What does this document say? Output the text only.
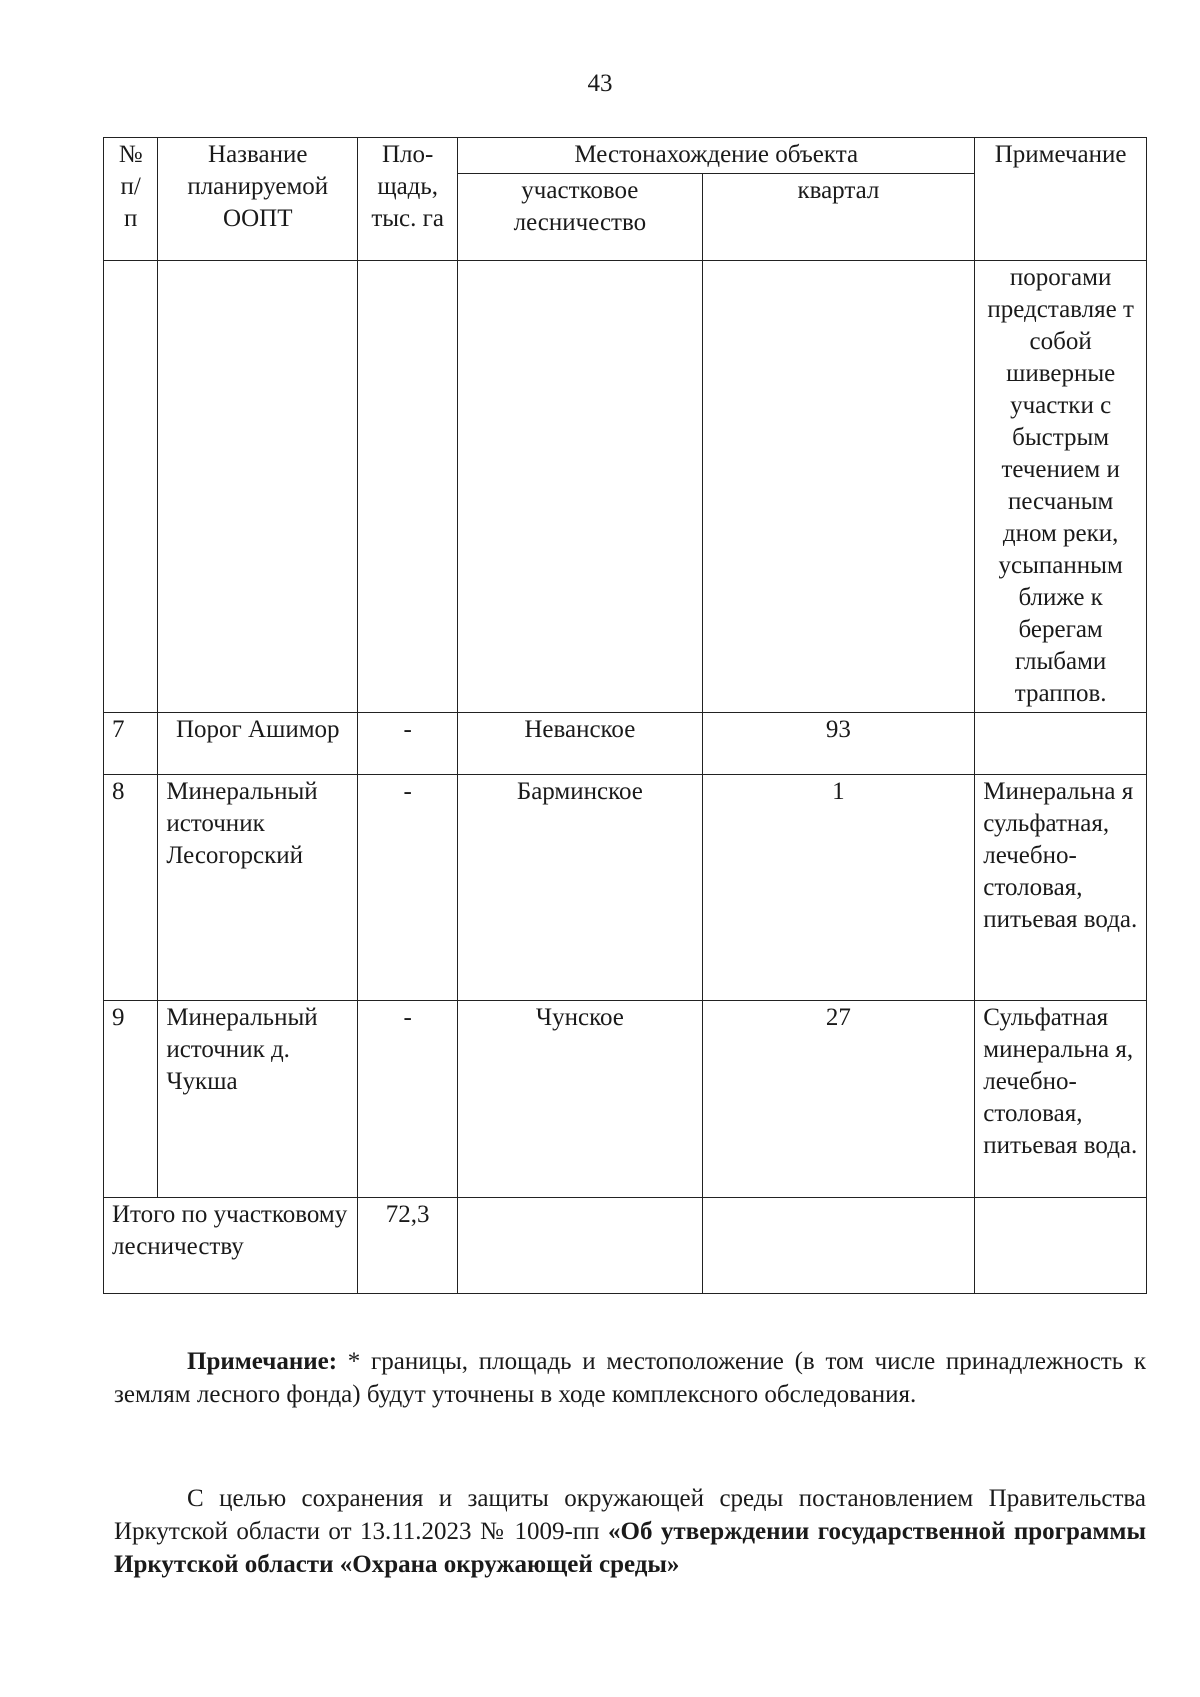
43
№ п/ п	Название планируемой ООПТ	Пло- щадь, тыс. га	Местонахождение объекта		Примечание
			участковое лесничество	квартал	
					порогами представляе т собой шиверные участки с быстрым течением и песчаным дном реки, усыпанным ближе к берегам глыбами траппов.
7	Порог Ашимор	-	Неванское	93	
8	Минеральный источник Лесогорский	-	Барминское	1	Минеральна я сульфатная, лечебно-столовая, питьевая вода.
9	Минеральный источник д. Чукша	-	Чунское	27	Сульфатная минеральна я, лечебно-столовая, питьевая вода.
Итого по участковому лесничеству		72,3			

Примечание: * границы, площадь и местоположение (в том числе принадлежность к землям лесного фонда) будут уточнены в ходе комплексного обследования.

С целью сохранения и защиты окружающей среды постановлением Правительства Иркутской области от 13.11.2023 № 1009-пп «Об утверждении государственной программы Иркутской области «Охрана окружающей среды»
